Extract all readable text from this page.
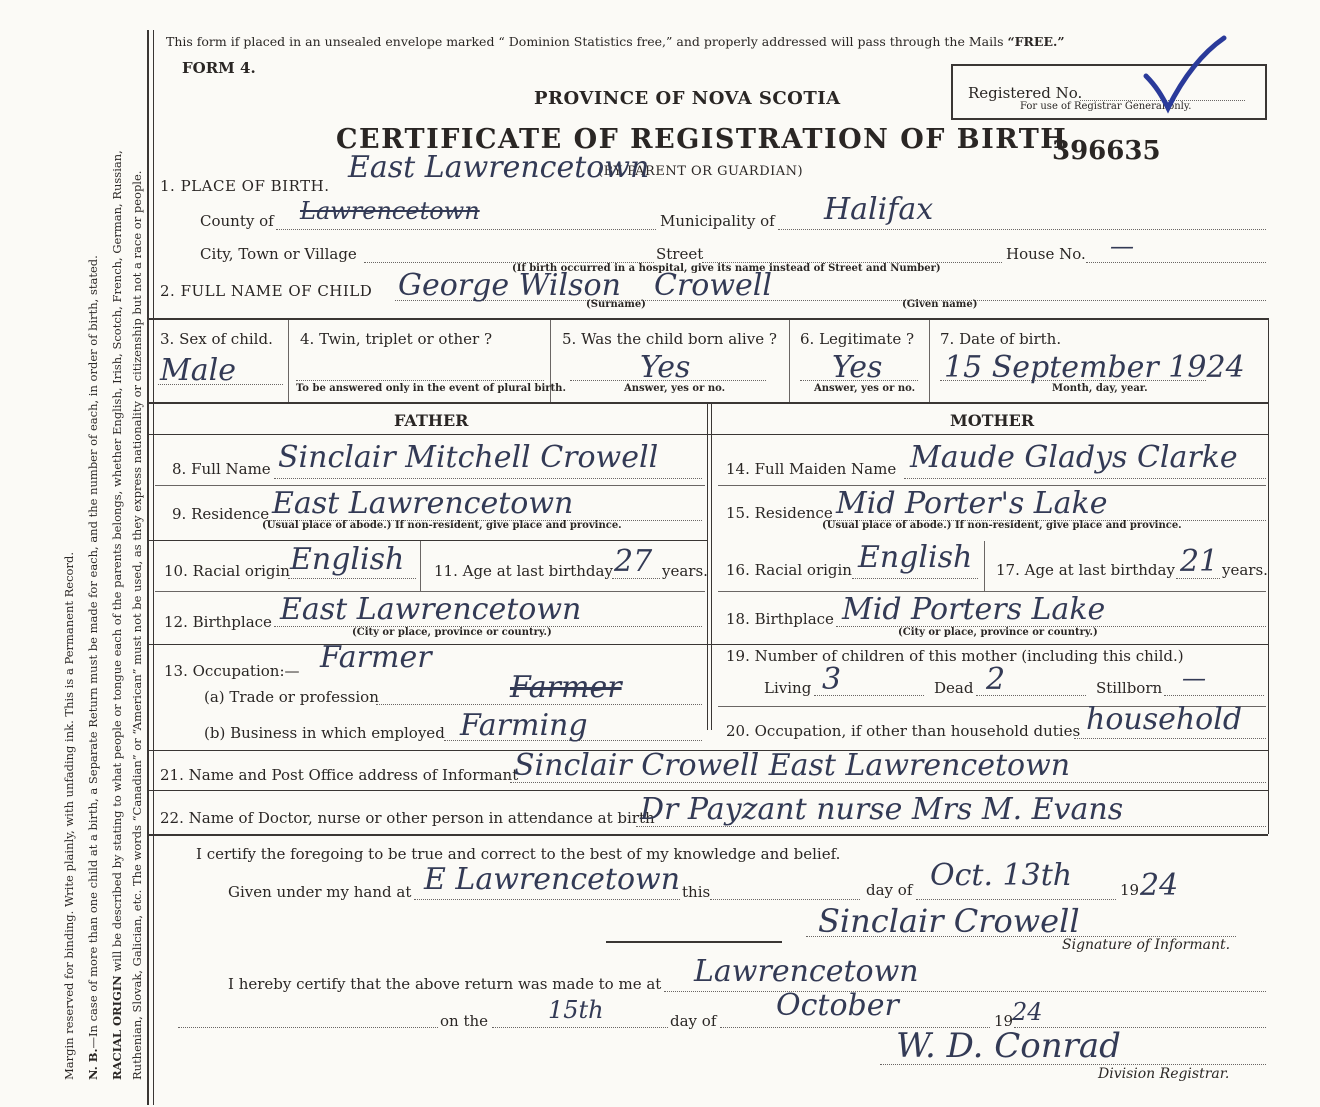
Margin reserved for binding. Write plainly, with unfading ink. This is a Permanent Record. N. B.—In case of more than one child at a birth, a Separate Return must be made for each, and the number of each, in order of birth, stated. RACIAL ORIGIN will be described by stating to what people or tongue each of the parents belongs, whether English, Irish, Scotch, French, German, Russian, Ruthenian, Slovak, Galician, etc. The words “Canadian” or “American” must not be used, as they express nationality or citizenship but not a race or people.
This form if placed in an unsealed envelope marked “ Dominion Statistics free,” and properly addressed will pass through the Mails “FREE.”
FORM 4.
PROVINCE OF NOVA SCOTIA
CERTIFICATE OF REGISTRATION OF BIRTH
(BY PARENT OR GUARDIAN)
Registered No.
For use of Registrar General only.
396635
1. PLACE OF BIRTH.
East Lawrencetown
County of Lawrencetown	Municipality of Halifax
City, Town or Village	Street	House No. —
(If birth occurred in a hospital, give its name instead of Street and Number)
2. FULL NAME OF CHILD George Wilson Crowell
(Surname)	(Given name)
3. Sex of child.
Male
4. Twin, triplet or other ?
To be answered only in the event of plural birth.
5. Was the child born alive ?
Yes
Answer, yes or no.
6. Legitimate ?
Yes
Answer, yes or no.
7. Date of birth.
15 September 1924
Month, day, year.
FATHER	MOTHER
8. Full Name Sinclair Mitchell Crowell
9. Residence East Lawrencetown
(Usual place of abode.) If non-resident, give place and province.
10. Racial origin English 11. Age at last birthday 27 years.
12. Birthplace East Lawrencetown
(City or place, province or country.)
13. Occupation:— Farmer
(a) Trade or profession	Farmer
(b) Business in which employed Farming
14. Full Maiden Name Maude Gladys Clarke
15. Residence Mid Porter's Lake
(Usual place of abode.) If non-resident, give place and province.
16. Racial origin English 17. Age at last birthday 21 years.
18. Birthplace Mid Porters Lake
(City or place, province or country.)
19. Number of children of this mother (including this child.)
Living 3	Dead 2	Stillborn —
20. Occupation, if other than household duties household
21. Name and Post Office address of Informant
Sinclair Crowell East Lawrencetown
22. Name of Doctor, nurse or other person in attendance at birth
Dr Payzant nurse Mrs M. Evans
I certify the foregoing to be true and correct to the best of my knowledge and belief.
Given under my hand at E Lawrencetown this	day of Oct. 13th	19 24
Sinclair Crowell
Signature of Informant.
I hereby certify that the above return was made to me at Lawrencetown
on the 15th	day of October	19
24
W. D. Conrad
Division Registrar.
